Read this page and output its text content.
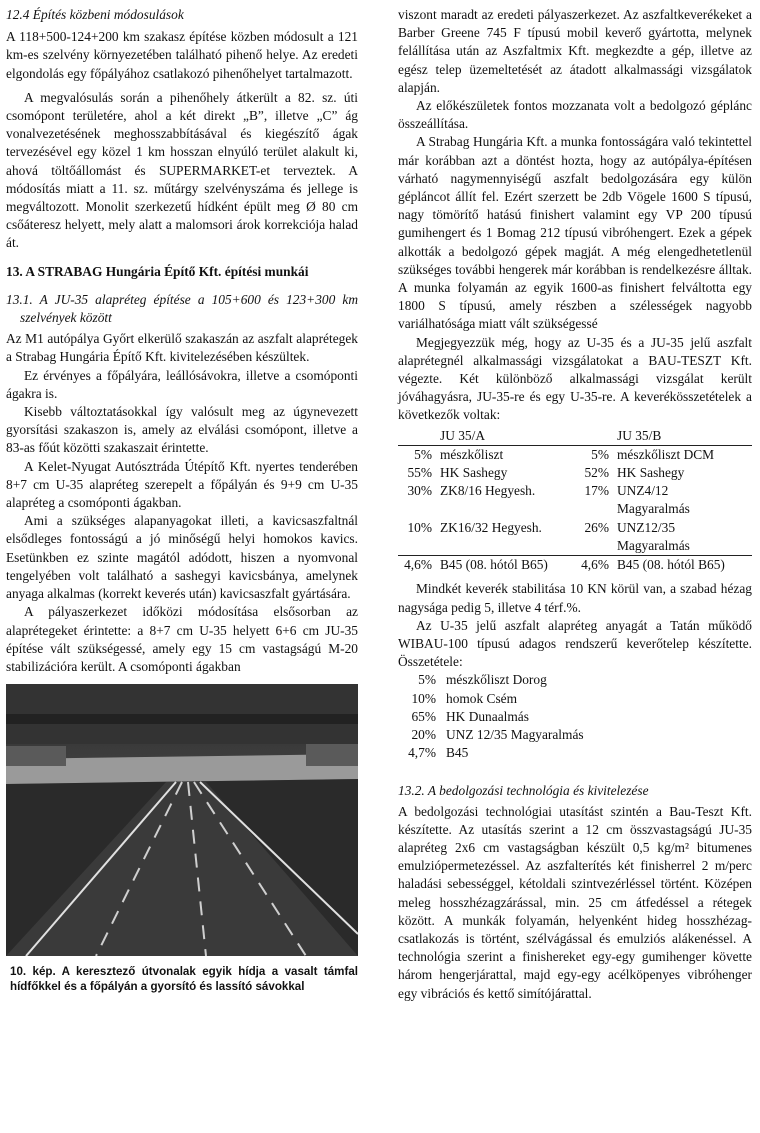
12.4 Építés közbeni módosulások

A 118+500-124+200 km szakasz építése közben módosult a 121 km-es szelvény környezetében található pihenő helye. Az eredeti elgondolás egy főpályához csatlakozó pihenőhelyet tartalmazott.

A megvalósulás során a pihenőhely átkerült a 82. sz. úti csomópont területére, ahol a két direkt „B”, illetve „C” ág vonalvezetésének meghosszabbításával és kiegészítő ágak tervezésével egy közel 1 km hosszan elnyúló terület alakult ki, ahová töltőállomást és SUPERMARKET-et terveztek. A módosítás miatt a 11. sz. műtárgy szelvényszáma és jellege is megváltozott. Monolit szerkezetű hídként épült meg Ø 80 cm csőáteresz helyett, mely alatt a malomsori árok korrekciója halad át.

13. A STRABAG Hungária Építő Kft. építési munkái

13.1. A JU-35 alapréteg építése a 105+600 és 123+300 km szelvények között

Az M1 autópálya Győrt elkerülő szakaszán az aszfalt alaprétegek a Strabag Hungária Építő Kft. kivitelezésében készültek.

Ez érvényes a főpályára, leállósávokra, illetve a csomóponti ágakra is.

Kisebb változtatásokkal így valósult meg az úgynevezett gyorsítási szakaszon is, amely az elválási csomópont, illetve a 83-as főút közötti szakaszait érintette.

A Kelet-Nyugat Autósztráda Útépítő Kft. nyertes tenderében 8+7 cm U-35 alapréteg szerepelt a főpályán és 9+9 cm U-35 alapréteg a csomóponti ágakban.

Ami a szükséges alapanyagokat illeti, a kavicsaszfaltnál elsődleges fontosságú a jó minőségű helyi homokos kavics. Esetünkben ez szinte magától adódott, hiszen a nyomvonal tengelyében volt található a sashegyi kavicsbánya, amelynek anyaga alkalmas (korrekt keverés után) kavicsaszfalt gyártására.

A pályaszerkezet időközi módosítása elsősorban az alaprétegeket érintette: a 8+7 cm U-35 helyett 6+6 cm JU-35 építése vált szükségessé, amely egy 15 cm vastagságú M-20 stabilizációra került. A csomóponti ágakban

10. kép. A keresztező útvonalak egyik hídja a vasalt támfal hídfőkkel és a főpályán a gyorsító és lassító sávokkal

viszont maradt az eredeti pályaszerkezet. Az aszfaltkeverékeket a Barber Greene 745 F típusú mobil keverő gyártotta, melynek felállítása után az Aszfaltmix Kft. megkezdte a gép, illetve az egész telep üzemeltetését az átadott alkalmassági vizsgálatok alapján.

Az előkészületek fontos mozzanata volt a bedolgozó géplánc összeállítása.

A Strabag Hungária Kft. a munka fontosságára való tekintettel már korábban azt a döntést hozta, hogy az autópálya-építésen várható nagymennyiségű aszfalt bedolgozására egy külön gépláncot állít fel. Ezért szerzett be 2db Vögele 1600 S típusú, nagy tömörítő hatású finishert valamint egy VP 200 típusú gumihengert és 1 Bomag 212 típusú vibróhengert. Ezek a gépek alkották a bedolgozó gépek magját. A még elengedhetetlenül szükséges további hengerek már korábban is rendelkezésre álltak. A munka folyamán az egyik 1600-as finishert felváltotta egy 1800 S típusú, amely részben a szélességek nagyobb variálhatósága miatt vált szükségessé

Megjegyezzük még, hogy az U-35 és a JU-35 jelű aszfalt alaprétegnél alkalmassági vizsgálatokat a BAU-TESZT Kft. végezte. Két különböző alkalmassági vizsgálat került jóváhagyásra, JU-35-re és egy U-35-re. A keverékösszetételek a következők voltak:

	JU 35/A		JU 35/B
5%	mészkőliszt	5%	mészkőliszt DCM
55%	HK Sashegy	52%	HK Sashegy
30%	ZK8/16 Hegyesh.	17%	UNZ4/12
			Magyaralmás
10%	ZK16/32 Hegyesh.	26%	UNZ12/35
			Magyaralmás
4,6%	B45 (08. hótól B65)	4,6%	B45 (08. hótól B65)

Mindkét keverék stabilitása 10 KN körül van, a szabad hézag nagysága pedig 5, illetve 4 térf.%.

Az U-35 jelű aszfalt alapréteg anyagát a Tatán működő WIBAU-100 típusú adagos rendszerű keverőtelep készítette. Összetétele:

5% mészkőliszt Dorog
10% homok Csém
65% HK Dunaalmás
20% UNZ 12/35 Magyaralmás
4,7% B45

13.2. A bedolgozási technológia és kivitelezése

A bedolgozási technológiai utasítást szintén a Bau-Teszt Kft. készítette. Az utasítás szerint a 12 cm összvastagságú JU-35 alapréteg 2x6 cm vastagságban készült 0,5 kg/m² bitumenes emulziópermetezéssel. Az aszfalterítés két finisherrel 2 m/perc haladási sebességgel, kétoldali szintvezérléssel történt. Középen meleg hosszhézagzárással, min. 25 cm átfedéssel a rétegek között. A munkák folyamán, helyenként hideg hosszhézag-csatlakozás is történt, szélvágással és emulziós alákenéssel. A technológia szerint a finishereket egy-egy gumihenger követte három hengerjárattal, majd egy-egy acélköpenyes vibróhenger egy vibrációs és kettő simítójárattal.
